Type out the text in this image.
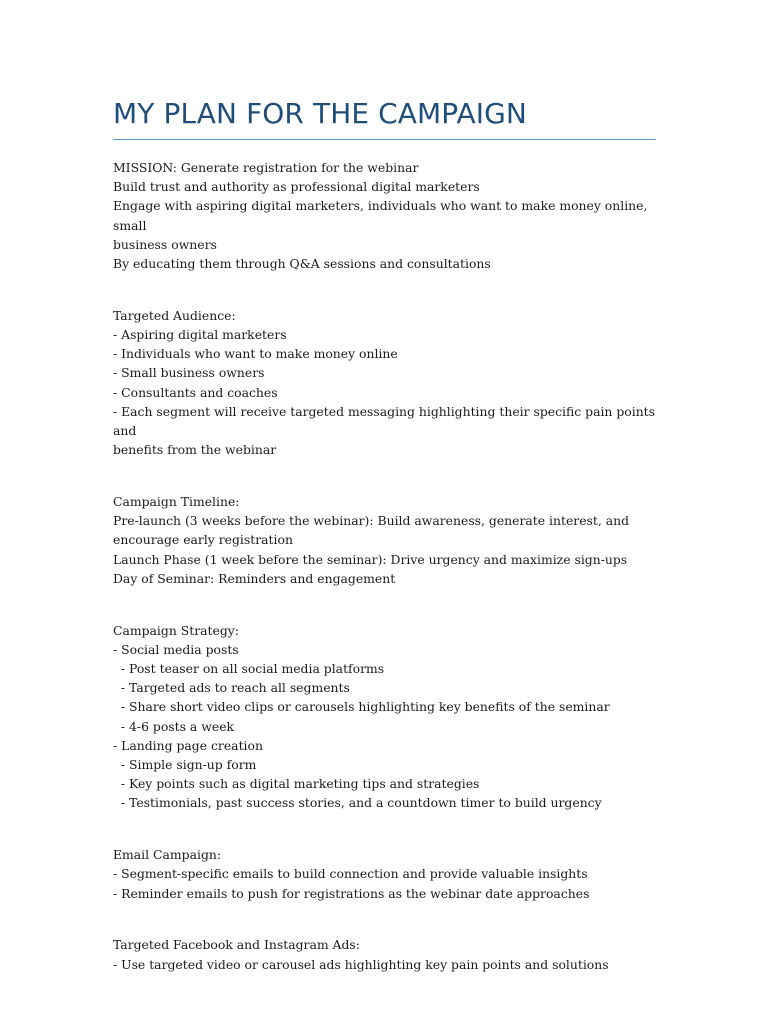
MY PLAN FOR THE CAMPAIGN
MISSION: Generate registration for the webinar
Build trust and authority as professional digital marketers
Engage with aspiring digital marketers, individuals who want to make money online, small
business owners
By educating them through Q&A sessions and consultations
Targeted Audience:
- Aspiring digital marketers
- Individuals who want to make money online
- Small business owners
- Consultants and coaches
- Each segment will receive targeted messaging highlighting their specific pain points and
benefits from the webinar
Campaign Timeline:
Pre-launch (3 weeks before the webinar): Build awareness, generate interest, and
encourage early registration
Launch Phase (1 week before the seminar): Drive urgency and maximize sign-ups
Day of Seminar: Reminders and engagement
Campaign Strategy:
- Social media posts
- Post teaser on all social media platforms
- Targeted ads to reach all segments
- Share short video clips or carousels highlighting key benefits of the seminar
- 4-6 posts a week
- Landing page creation
- Simple sign-up form
- Key points such as digital marketing tips and strategies
- Testimonials, past success stories, and a countdown timer to build urgency
Email Campaign:
- Segment-specific emails to build connection and provide valuable insights
- Reminder emails to push for registrations as the webinar date approaches
Targeted Facebook and Instagram Ads:
- Use targeted video or carousel ads highlighting key pain points and solutions
